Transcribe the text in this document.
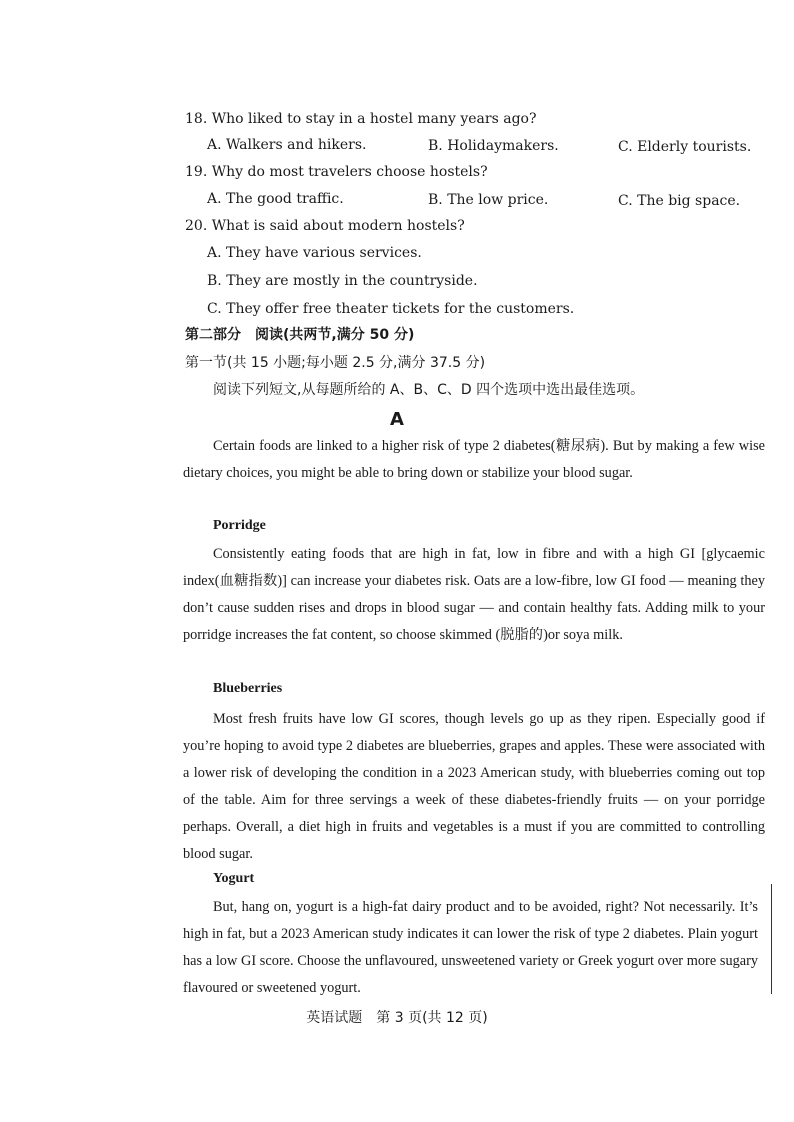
18. Who liked to stay in a hostel many years ago?
A. Walkers and hikers.	B. Holidaymakers.	C. Elderly tourists.
19. Why do most travelers choose hostels?
A. The good traffic.	B. The low price.	C. The big space.
20. What is said about modern hostels?
A. They have various services.
B. They are mostly in the countryside.
C. They offer free theater tickets for the customers.
第二部分　阅读(共两节,满分 50 分)
第一节(共 15 小题;每小题 2.5 分,满分 37.5 分)
阅读下列短文,从每题所给的 A、B、C、D 四个选项中选出最佳选项。
A
Certain foods are linked to a higher risk of type 2 diabetes(糖尿病). But by making a few wise dietary choices, you might be able to bring down or stabilize your blood sugar.
Porridge
Consistently eating foods that are high in fat, low in fibre and with a high GI [glycaemic index(血糖指数)] can increase your diabetes risk. Oats are a low-fibre, low GI food — meaning they don’t cause sudden rises and drops in blood sugar — and contain healthy fats. Adding milk to your porridge increases the fat content, so choose skimmed (脱脂的)or soya milk.
Blueberries
Most fresh fruits have low GI scores, though levels go up as they ripen. Especially good if you’re hoping to avoid type 2 diabetes are blueberries, grapes and apples. These were associated with a lower risk of developing the condition in a 2023 American study, with blueberries coming out top of the table. Aim for three servings a week of these diabetes-friendly fruits — on your porridge perhaps. Overall, a diet high in fruits and vegetables is a must if you are committed to controlling blood sugar.
Yogurt
But, hang on, yogurt is a high-fat dairy product and to be avoided, right? Not necessarily. It’s high in fat, but a 2023 American study indicates it can lower the risk of type 2 diabetes. Plain yogurt has a low GI score. Choose the unflavoured, unsweetened variety or Greek yogurt over more sugary flavoured or sweetened yogurt.
英语试题　第 3 页(共 12 页)
